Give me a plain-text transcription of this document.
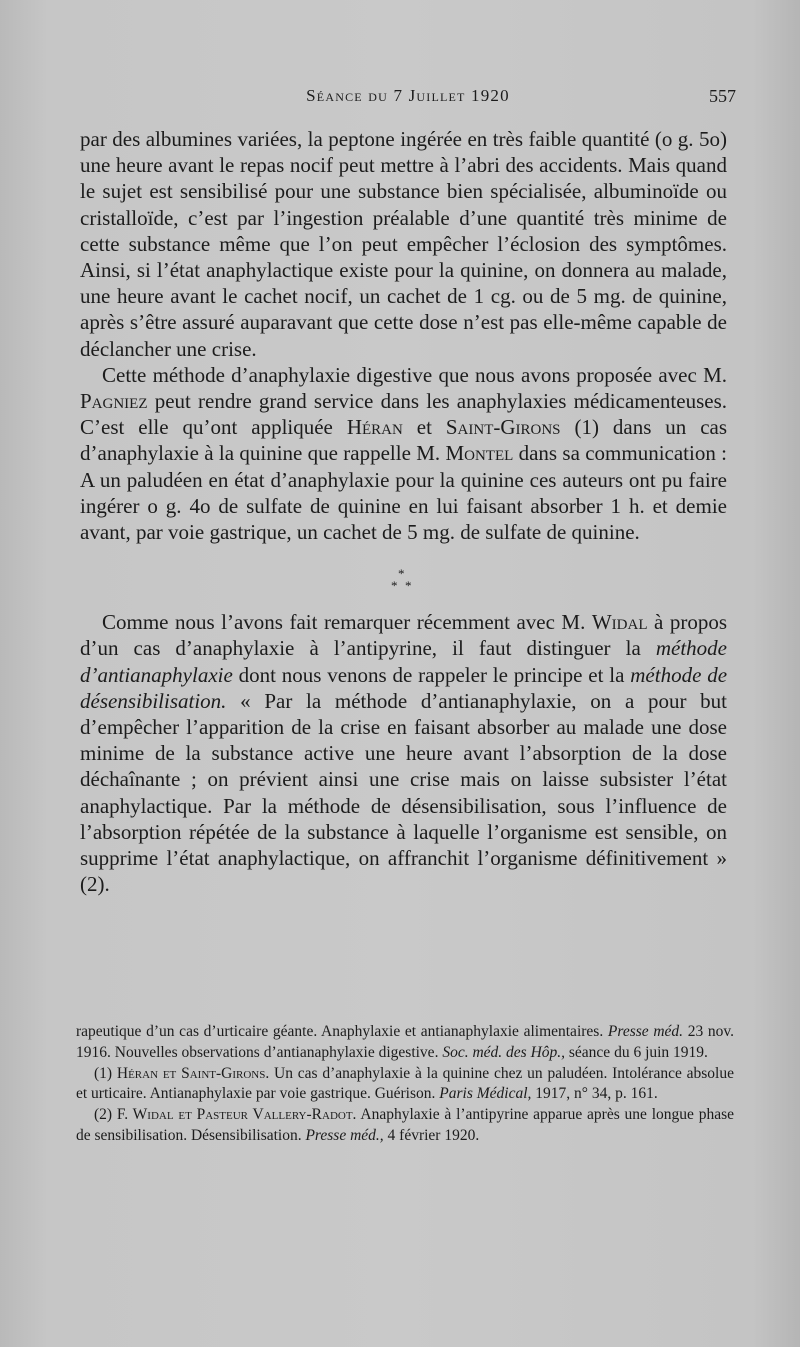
Séance du 7 Juillet 1920	557

par des albumines variées, la peptone ingérée en très faible quantité (o g. 5o) une heure avant le repas nocif peut mettre à l’abri des accidents. Mais quand le sujet est sensibilisé pour une substance bien spécialisée, albuminoïde ou cristalloïde, c’est par l’ingestion préalable d’une quantité très minime de cette substance même que l’on peut empêcher l’éclosion des symptômes. Ainsi, si l’état anaphylactique existe pour la quinine, on donnera au malade, une heure avant le cachet nocif, un cachet de 1 cg. ou de 5 mg. de quinine, après s’être assuré auparavant que cette dose n’est pas elle-même capable de déclancher une crise.

Cette méthode d’anaphylaxie digestive que nous avons proposée avec M. Pagniez peut rendre grand service dans les anaphylaxies médicamenteuses. C’est elle qu’ont appliquée Héran et Saint-Girons (1) dans un cas d’anaphylaxie à la quinine que rappelle M. Montel dans sa communication : A un paludéen en état d’anaphylaxie pour la quinine ces auteurs ont pu faire ingérer o g. 4o de sulfate de quinine en lui faisant absorber 1 h. et demie avant, par voie gastrique, un cachet de 5 mg. de sulfate de quinine.

*
* *

Comme nous l’avons fait remarquer récemment avec M. Widal à propos d’un cas d’anaphylaxie à l’antipyrine, il faut distinguer la méthode d’antianaphylaxie dont nous venons de rappeler le principe et la méthode de désensibilisation. « Par la méthode d’antianaphylaxie, on a pour but d’empêcher l’apparition de la crise en faisant absorber au malade une dose minime de la substance active une heure avant l’absorption de la dose déchaînante ; on prévient ainsi une crise mais on laisse subsister l’état anaphylactique. Par la méthode de désensibilisation, sous l’influence de l’absorption répétée de la substance à laquelle l’organisme est sensible, on supprime l’état anaphylactique, on affranchit l’organisme définitivement » (2).

rapeutique d’un cas d’urticaire géante. Anaphylaxie et antianaphylaxie alimentaires. Presse méd. 23 nov. 1916. Nouvelles observations d’antianaphylaxie digestive. Soc. méd. des Hôp., séance du 6 juin 1919.

(1) Héran et Saint-Girons. Un cas d’anaphylaxie à la quinine chez un paludéen. Intolérance absolue et urticaire. Antianaphylaxie par voie gastrique. Guérison. Paris Médical, 1917, n° 34, p. 161.

(2) F. Widal et Pasteur Vallery-Radot. Anaphylaxie à l’antipyrine apparue après une longue phase de sensibilisation. Désensibilisation. Presse méd., 4 février 1920.
